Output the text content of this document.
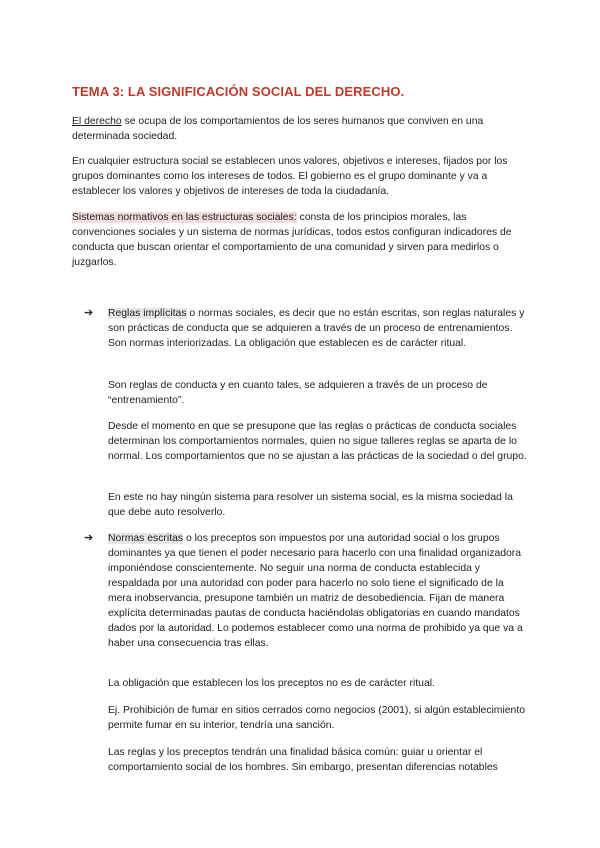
TEMA 3: LA SIGNIFICACIÓN SOCIAL DEL DERECHO.

El derecho se ocupa de los comportamientos de los seres humanos que conviven en una determinada sociedad.

En cualquier estructura social se establecen unos valores, objetivos e intereses, fijados por los grupos dominantes como los intereses de todos. El gobierno es el grupo dominante y va a establecer los valores y objetivos de intereses de toda la ciudadanía.

Sistemas normativos en las estructuras sociales: consta de los principios morales, las convenciones sociales y un sistema de normas jurídicas, todos estos configuran indicadores de conducta que buscan orientar el comportamiento de una comunidad y sirven para medirlos o juzgarlos.

➔ Reglas implícitas o normas sociales, es decir que no están escritas, son reglas naturales y son prácticas de conducta que se adquieren a través de un proceso de entrenamientos. Son normas interiorizadas. La obligación que establecen es de carácter ritual.

Son reglas de conducta y en cuanto tales, se adquieren a través de un proceso de “entrenamiento”.

Desde el momento en que se presupone que las reglas o prácticas de conducta sociales determinan los comportamientos normales, quien no sigue talleres reglas se aparta de lo normal. Los comportamientos que no se ajustan a las prácticas de la sociedad o del grupo.

En este no hay ningún sistema para resolver un sistema social, es la misma sociedad la que debe auto resolverlo.

➔ Normas escritas o los preceptos son impuestos por una autoridad social o los grupos dominantes ya que tienen el poder necesario para hacerlo con una finalidad organizadora imponiéndose conscientemente. No seguir una norma de conducta establecida y respaldada por una autoridad con poder para hacerlo no solo tiene el significado de la mera inobservancia, presupone también un matriz de desobediencia. Fijan de manera explícita determinadas pautas de conducta haciéndolas obligatorias en cuando mandatos dados por la autoridad. Lo podemos establecer como una norma de prohibido ya que va a haber una consecuencia tras ellas.

La obligación que establecen los los preceptos no es de carácter ritual.

Ej. Prohibición de fumar en sitios cerrados como negocios (2001), si algún establecimiento permite fumar en su interior, tendría una sanción.

Las reglas y los preceptos tendrán una finalidad básica común: guiar u orientar el comportamiento social de los hombres. Sin embargo, presentan diferencias notables
